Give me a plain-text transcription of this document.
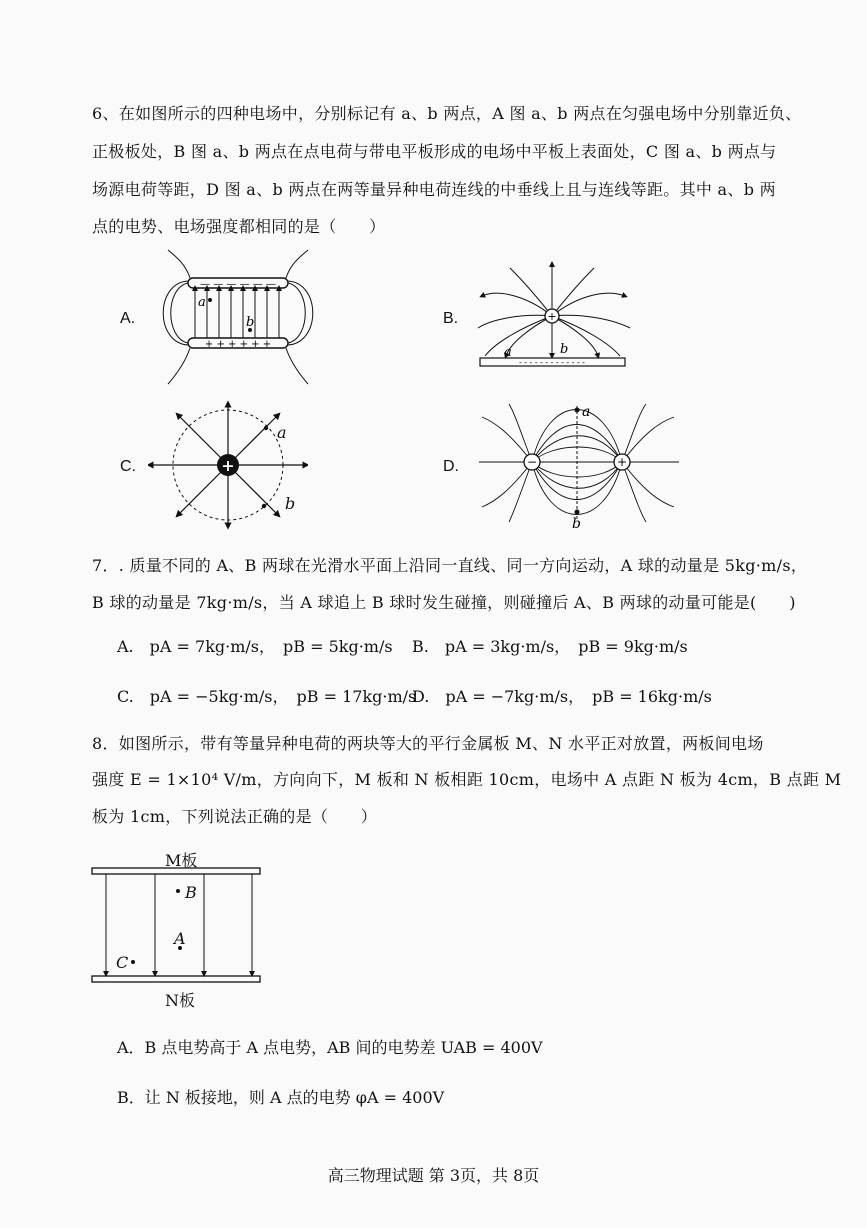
6、在如图所示的四种电场中，分别标记有 a、b 两点，A 图 a、b 两点在匀强电场中分别靠近负、
正极板处，B 图 a、b 两点在点电荷与带电平板形成的电场中平板上表面处，C 图 a、b 两点与
场源电荷等距，D 图 a、b 两点在两等量异种电荷连线的中垂线上且与连线等距。其中 a、b 两
点的电势、电场强度都相同的是（　　）
A.	B.
C.	D.
— — — — — —
+ + + + + +
a
b	+
- - - - - - - - - - - - -
a	b
+
a
b
−	+
a
b
7．. 质量不同的 A、B 两球在光滑水平面上沿同一直线、同一方向运动，A 球的动量是 5kg·m/s，
B 球的动量是 7kg·m/s，当 A 球追上 B 球时发生碰撞，则碰撞后 A、B 两球的动量可能是(　　)
A.　pA = 7kg·m/s，　pB = 5kg·m/s B.　pA = 3kg·m/s，　pB = 9kg·m/s
C.　pA = −5kg·m/s，　pB = 17kg·m/s
D.　pA = −7kg·m/s，　pB = 16kg·m/s
8．如图所示，带有等量异种电荷的两块等大的平行金属板 M、N 水平正对放置，两板间电场
强度 E = 1×10⁴ V/m，方向向下，M 板和 N 板相距 10cm，电场中 A 点距 N 板为 4cm，B 点距 M
板为 1cm，下列说法正确的是（　　）
M板
B
A
C
N板
A．B 点电势高于 A 点电势，AB 间的电势差 UAB = 400V
B．让 N 板接地，则 A 点的电势 φA = 400V
高三物理试题 第 3页，共 8页
